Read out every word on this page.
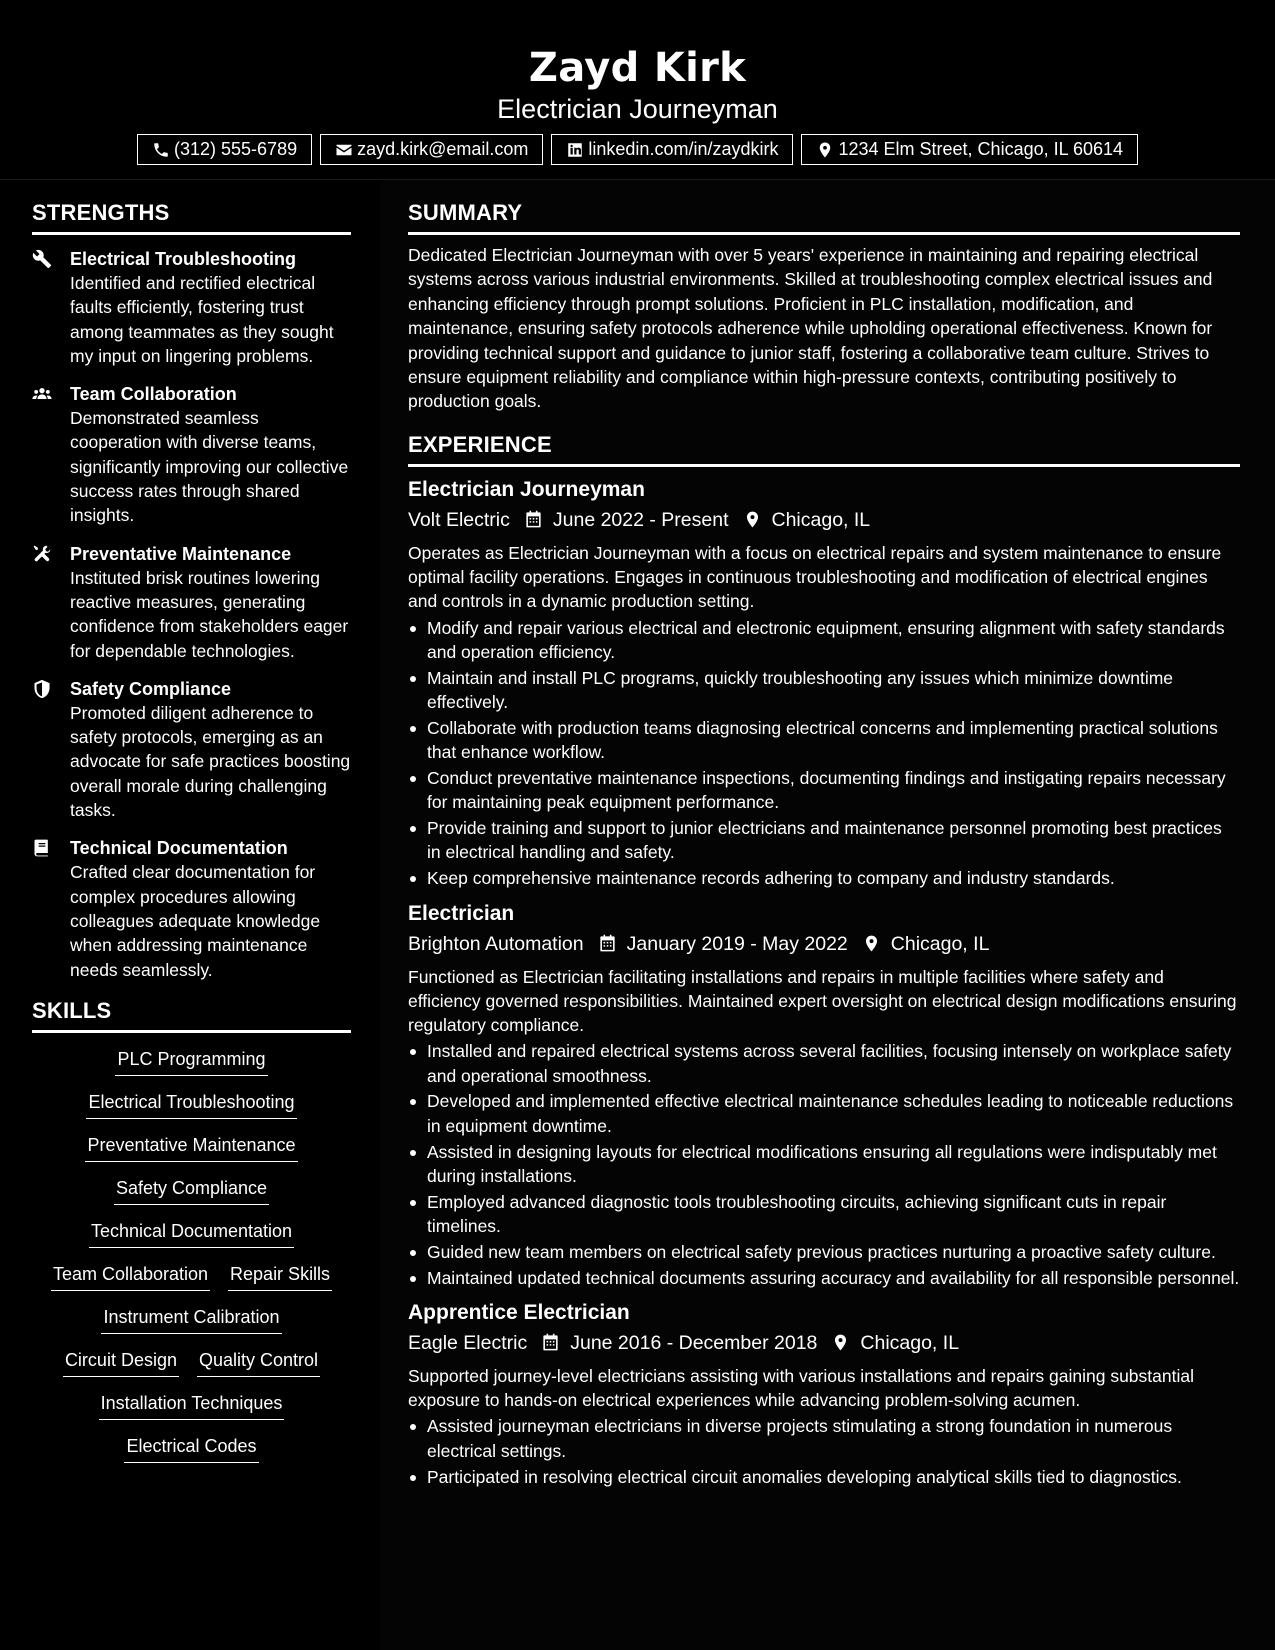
Zayd Kirk
Electrician Journeyman
(312) 555-6789	zayd.kirk@email.com	linkedin.com/in/zaydkirk	1234 Elm Street, Chicago, IL 60614
STRENGTHS
Electrical Troubleshooting

Identified and rectified electrical faults efficiently, fostering trust among teammates as they sought my input on lingering problems.

Team Collaboration

Demonstrated seamless cooperation with diverse teams, significantly improving our collective success rates through shared insights.

Preventative Maintenance

Instituted brisk routines lowering reactive measures, generating confidence from stakeholders eager for dependable technologies.

Safety Compliance

Promoted diligent adherence to safety protocols, emerging as an advocate for safe practices boosting overall morale during challenging tasks.

Technical Documentation

Crafted clear documentation for complex procedures allowing colleagues adequate knowledge when addressing maintenance needs seamlessly.

SKILLS
PLC Programming
Electrical Troubleshooting
Preventative Maintenance
Safety Compliance
Technical Documentation
Team Collaboration Repair Skills
Instrument Calibration
Circuit Design Quality Control
Installation Techniques
Electrical Codes
SUMMARY

Dedicated Electrician Journeyman with over 5 years' experience in maintaining and repairing electrical systems across various industrial environments. Skilled at troubleshooting complex electrical issues and enhancing efficiency through prompt solutions. Proficient in PLC installation, modification, and maintenance, ensuring safety protocols adherence while upholding operational effectiveness. Known for providing technical support and guidance to junior staff, fostering a collaborative team culture. Strives to ensure equipment reliability and compliance within high-pressure contexts, contributing positively to production goals.

EXPERIENCE
Electrician Journeyman
Volt Electric June 2022 - Present Chicago, IL

Operates as Electrician Journeyman with a focus on electrical repairs and system maintenance to ensure optimal facility operations. Engages in continuous troubleshooting and modification of electrical engines and controls in a dynamic production setting.

Modify and repair various electrical and electronic equipment, ensuring alignment with safety standards and operation efficiency.
Maintain and install PLC programs, quickly troubleshooting any issues which minimize downtime effectively.
Collaborate with production teams diagnosing electrical concerns and implementing practical solutions that enhance workflow.
Conduct preventative maintenance inspections, documenting findings and instigating repairs necessary for maintaining peak equipment performance.
Provide training and support to junior electricians and maintenance personnel promoting best practices in electrical handling and safety.
Keep comprehensive maintenance records adhering to company and industry standards.
Electrician
Brighton Automation January 2019 - May 2022 Chicago, IL

Functioned as Electrician facilitating installations and repairs in multiple facilities where safety and efficiency governed responsibilities. Maintained expert oversight on electrical design modifications ensuring regulatory compliance.

Installed and repaired electrical systems across several facilities, focusing intensely on workplace safety and operational smoothness.
Developed and implemented effective electrical maintenance schedules leading to noticeable reductions in equipment downtime.
Assisted in designing layouts for electrical modifications ensuring all regulations were indisputably met during installations.
Employed advanced diagnostic tools troubleshooting circuits, achieving significant cuts in repair timelines.
Guided new team members on electrical safety previous practices nurturing a proactive safety culture.
Maintained updated technical documents assuring accuracy and availability for all responsible personnel.
Apprentice Electrician
Eagle Electric June 2016 - December 2018 Chicago, IL

Supported journey-level electricians assisting with various installations and repairs gaining substantial exposure to hands-on electrical experiences while advancing problem-solving acumen.

Assisted journeyman electricians in diverse projects stimulating a strong foundation in numerous electrical settings.
Participated in resolving electrical circuit anomalies developing analytical skills tied to diagnostics.
